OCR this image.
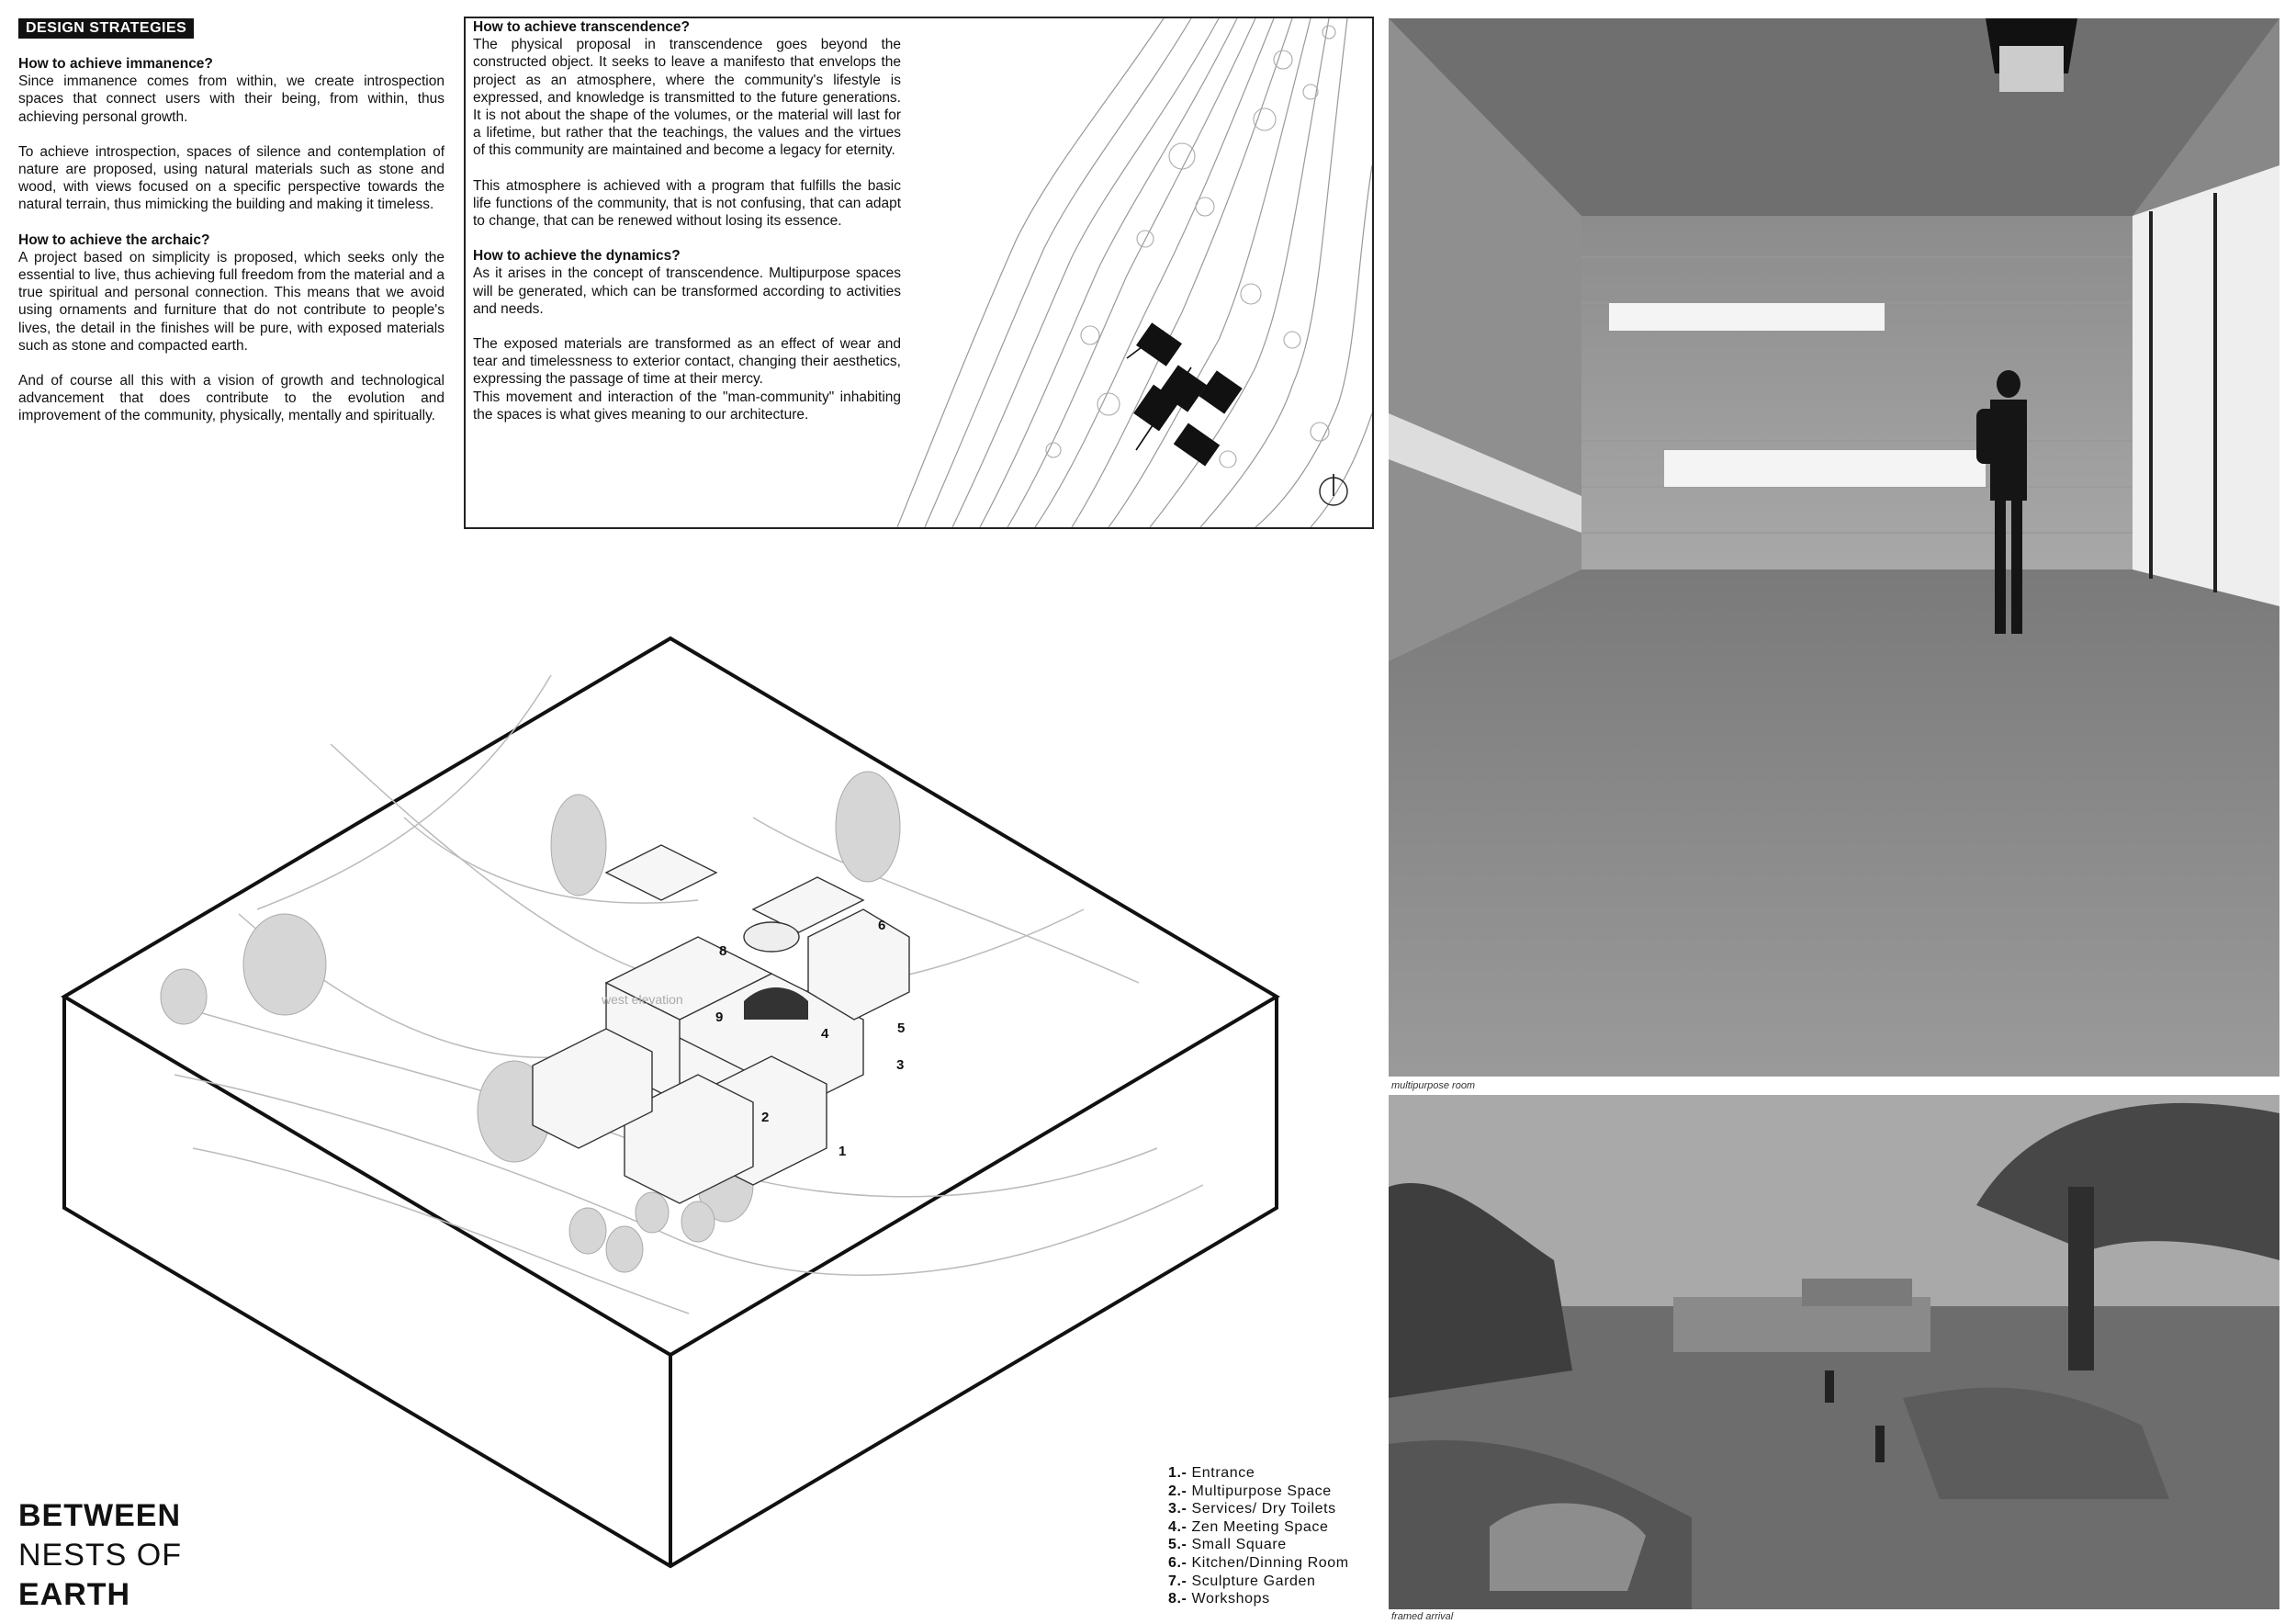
DESIGN STRATEGIES
How to achieve immanence?

Since immanence comes from within, we create introspection spaces that connect users with their being, from within, thus achieving personal growth.

To achieve introspection, spaces of silence and contemplation of nature are proposed, using natural materials such as stone and wood, with views focused on a specific perspective towards the natural terrain, thus mimicking the building and making it timeless.

How to achieve the archaic?

A project based on simplicity is proposed, which seeks only the essential to live, thus achieving full freedom from the material and a true spiritual and personal connection. This means that we avoid using ornaments and furniture that do not contribute to people's lives, the detail in the finishes will be pure, with exposed materials such as stone and compacted earth.

And of course all this with a vision of growth and technological advancement that does contribute to the evolution and improvement of the community, physically, mentally and spiritually.

How to achieve transcendence?

The physical proposal in transcendence goes beyond the constructed object. It seeks to leave a manifesto that envelops the project as an atmosphere, where the community's lifestyle is expressed, and knowledge is transmitted to the future generations. It is not about the shape of the volumes, or the material will last for a lifetime, but rather that the teachings, the values and the virtues of this community are maintained and become a legacy for eternity.

This atmosphere is achieved with a program that fulfills the basic life functions of the community, that is not confusing, that can adapt to change, that can be renewed without losing its essence.

How to achieve the dynamics?

As it arises in the concept of transcendence. Multipurpose spaces will be generated, which can be transformed according to activities and needs.

The exposed materials are transformed as an effect of wear and tear and timelessness to exterior contact, changing their aesthetics, expressing the passage of time at their mercy.
This movement and interaction of the "man-community" inhabiting the spaces is what gives meaning to our architecture.

multipurpose room
framed arrival
west elevation
1
2
3
4	5
6
8
9
BETWEEN
NESTS OF
EARTH
1.- Entrance
2.- Multipurpose Space
3.- Services/ Dry Toilets
4.- Zen Meeting Space
5.- Small Square
6.- Kitchen/Dinning Room
7.- Sculpture Garden
8.- Workshops
